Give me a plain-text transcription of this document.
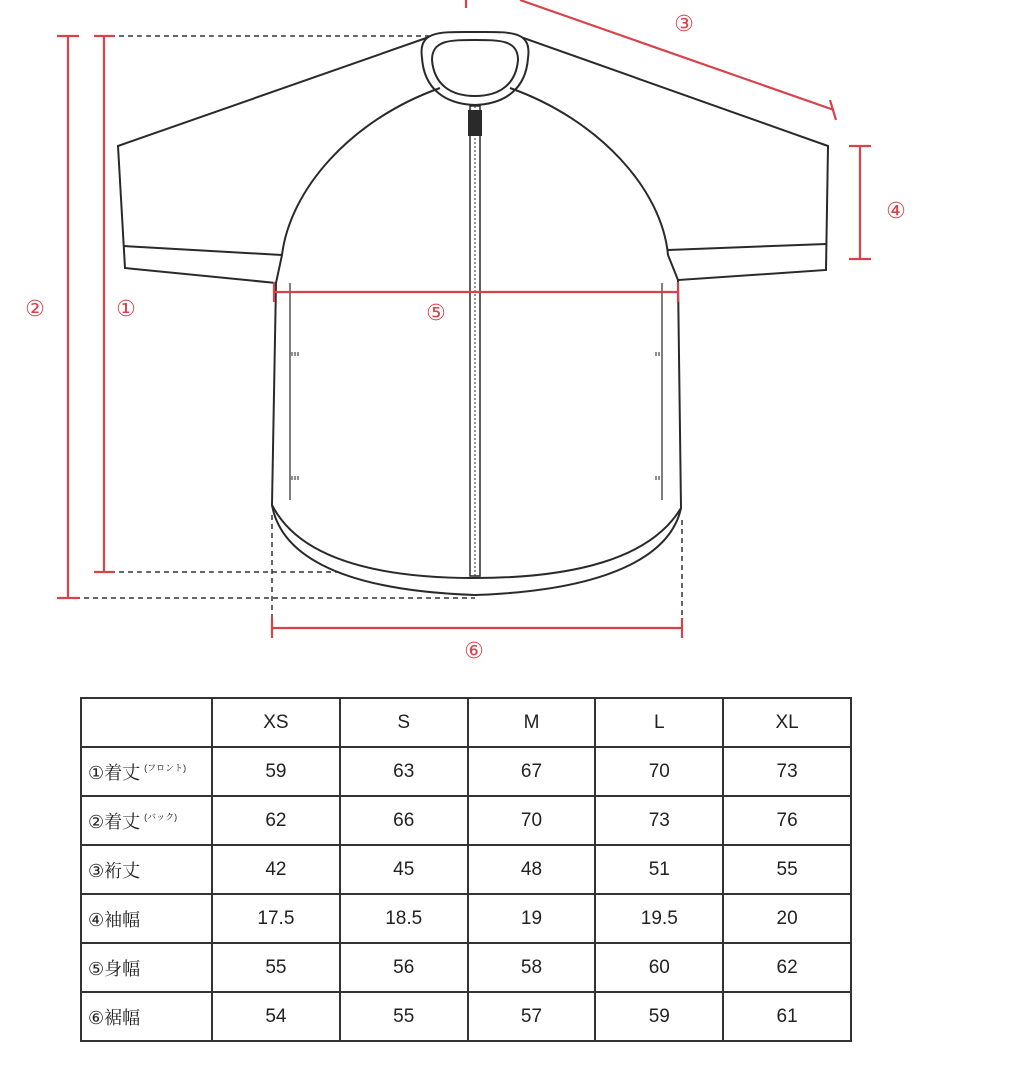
②	①
③
④
⑤
⑥
	XS	S	M	L	XL
①着丈 $^{(フロント)}$	59	63	67	70	73
②着丈 $^{(バック)}$	62	66	70	73	76
③裄丈	42	45	48	51	55
④袖幅	17.5	18.5	19	19.5	20
⑤身幅	55	56	58	60	62
⑥裾幅	54	55	57	59	61
